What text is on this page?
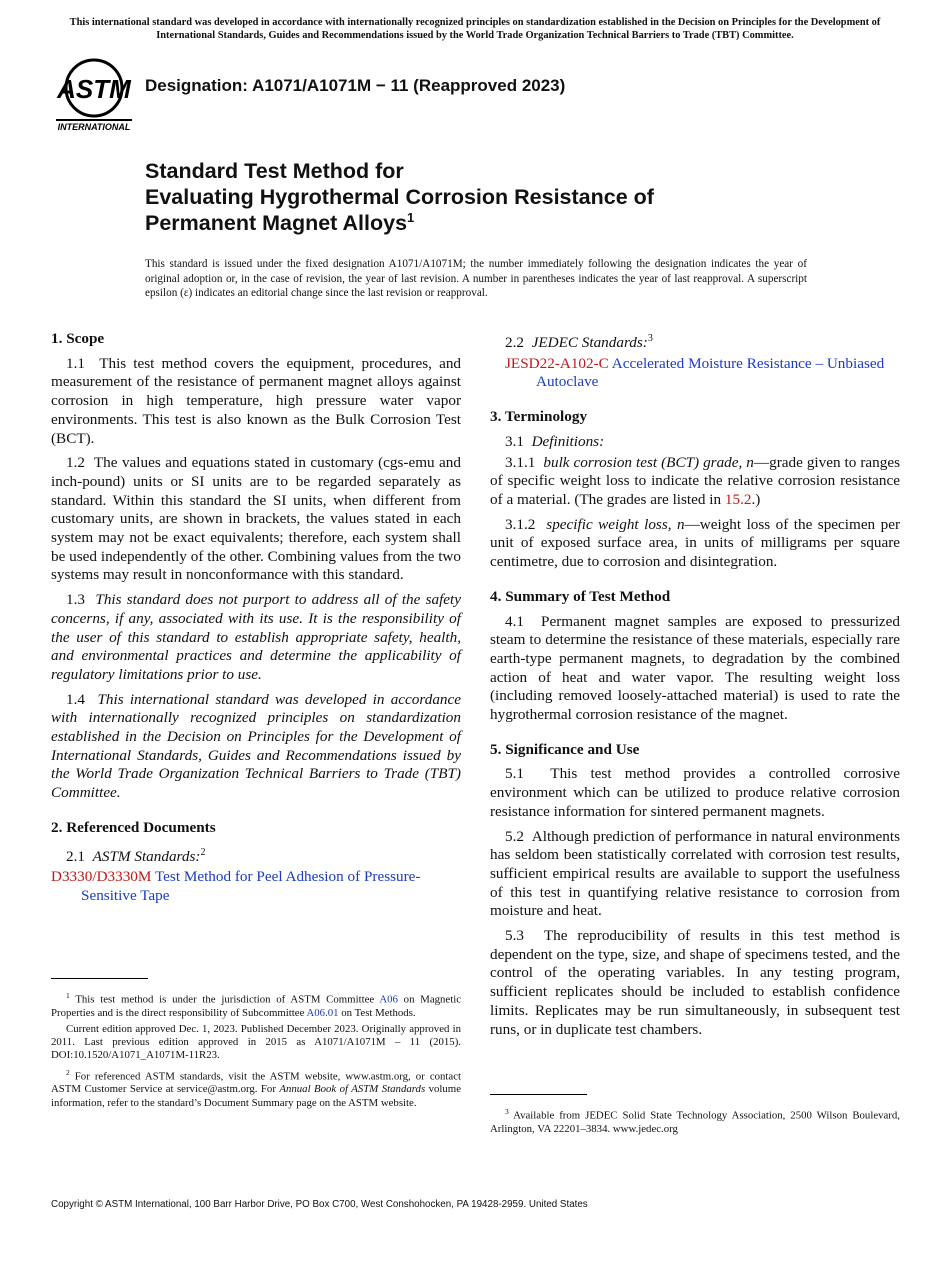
This international standard was developed in accordance with internationally recognized principles on standardization established in the Decision on Principles for the Development of International Standards, Guides and Recommendations issued by the World Trade Organization Technical Barriers to Trade (TBT) Committee.
ASTM
INTERNATIONAL
Designation: A1071/A1071M − 11 (Reapproved 2023)
Standard Test Method for
Evaluating Hygrothermal Corrosion Resistance of
Permanent Magnet Alloys$^1$
This standard is issued under the fixed designation A1071/A1071M; the number immediately following the designation indicates the year of original adoption or, in the case of revision, the year of last revision. A number in parentheses indicates the year of last reapproval. A superscript epsilon (ε) indicates an editorial change since the last revision or reapproval.
1. Scope

1.1 This test method covers the equipment, procedures, and measurement of the resistance of permanent magnet alloys against corrosion in high temperature, high pressure water vapor environments. This test is also known as the Bulk Corrosion Test (BCT).

1.2 The values and equations stated in customary (cgs-emu and inch-pound) units or SI units are to be regarded separately as standard. Within this standard the SI units, when different from customary units, are shown in brackets, the values stated in each system may not be exact equivalents; therefore, each system shall be used independently of the other. Combining values from the two systems may result in nonconformance with this standard.

1.3 This standard does not purport to address all of the safety concerns, if any, associated with its use. It is the responsibility of the user of this standard to establish appropriate safety, health, and environmental practices and determine the applicability of regulatory limitations prior to use.

1.4 This international standard was developed in accordance with internationally recognized principles on standardization established in the Decision on Principles for the Development of International Standards, Guides and Recommendations issued by the World Trade Organization Technical Barriers to Trade (TBT) Committee.

2. Referenced Documents

2.1 ASTM Standards:$^2$

D3330/D3330M Test Method for Peel Adhesion of Pressure-Sensitive Tape

$^1$ This test method is under the jurisdiction of ASTM Committee A06 on Magnetic Properties and is the direct responsibility of Subcommittee A06.01 on Test Methods.

Current edition approved Dec. 1, 2023. Published December 2023. Originally approved in 2011. Last previous edition approved in 2015 as A1071/A1071M – 11 (2015). DOI:10.1520/A1071_A1071M-11R23.

$^2$ For referenced ASTM standards, visit the ASTM website, www.astm.org, or contact ASTM Customer Service at service@astm.org. For Annual Book of ASTM Standards volume information, refer to the standard’s Document Summary page on the ASTM website.

2.2 JEDEC Standards:$^3$

JESD22-A102-C Accelerated Moisture Resistance – Unbiased Autoclave

3. Terminology

3.1 Definitions:

3.1.1 bulk corrosion test (BCT) grade, n—grade given to ranges of specific weight loss to indicate the relative corrosion resistance of a material. (The grades are listed in 15.2.)

3.1.2 specific weight loss, n—weight loss of the specimen per unit of exposed surface area, in units of milligrams per square centimetre, due to corrosion and disintegration.

4. Summary of Test Method

4.1 Permanent magnet samples are exposed to pressurized steam to determine the resistance of these materials, especially rare earth-type permanent magnets, to degradation by the combined action of heat and water vapor. The resulting weight loss (including removed loosely-attached material) is used to rate the hygrothermal corrosion resistance of the magnet.

5. Significance and Use

5.1 This test method provides a controlled corrosive environment which can be utilized to produce relative corrosion resistance information for sintered permanent magnets.

5.2 Although prediction of performance in natural environments has seldom been statistically correlated with corrosion test results, sufficient empirical results are available to support the usefulness of this test in quantifying relative resistance to corrosion from moisture and heat.

5.3 The reproducibility of results in this test method is dependent on the type, size, and shape of specimens tested, and the control of the operating variables. In any testing program, sufficient replicates should be included to establish confidence limits. Replicates may be run simultaneously, in subsequent test runs, or in duplicate test chambers.

$^3$ Available from JEDEC Solid State Technology Association, 2500 Wilson Boulevard, Arlington, VA 22201–3834. www.jedec.org

Copyright © ASTM International, 100 Barr Harbor Drive, PO Box C700, West Conshohocken, PA 19428-2959. United States
